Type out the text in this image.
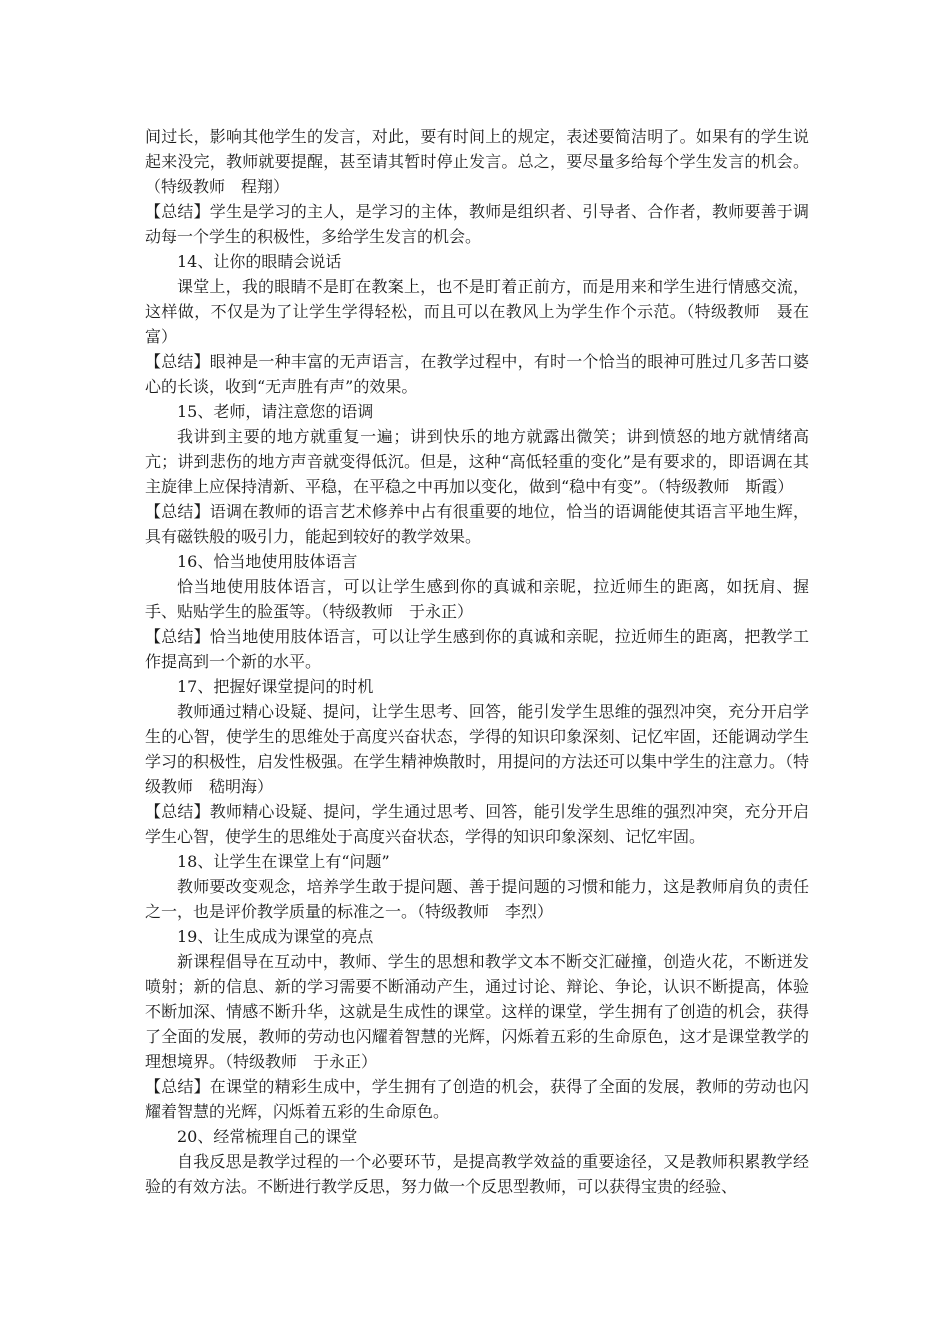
间过长，影响其他学生的发言，对此，要有时间上的规定，表述要简洁明了。如果有的学生说起来没完，教师就要提醒，甚至请其暂时停止发言。总之，要尽量多给每个学生发言的机会。（特级教师　程翔）

【总结】学生是学习的主人，是学习的主体，教师是组织者、引导者、合作者，教师要善于调动每一个学生的积极性，多给学生发言的机会。

14、让你的眼睛会说话

课堂上，我的眼睛不是盯在教案上，也不是盯着正前方，而是用来和学生进行情感交流，这样做，不仅是为了让学生学得轻松，而且可以在教风上为学生作个示范。（特级教师　聂在富）

【总结】眼神是一种丰富的无声语言，在教学过程中，有时一个恰当的眼神可胜过几多苦口婆心的长谈，收到“无声胜有声”的效果。

15、老师，请注意您的语调

我讲到主要的地方就重复一遍；讲到快乐的地方就露出微笑；讲到愤怒的地方就情绪高亢；讲到悲伤的地方声音就变得低沉。但是，这种“高低轻重的变化”是有要求的，即语调在其主旋律上应保持清新、平稳，在平稳之中再加以变化，做到“稳中有变”。（特级教师　斯霞）

【总结】语调在教师的语言艺术修养中占有很重要的地位，恰当的语调能使其语言平地生辉，具有磁铁般的吸引力，能起到较好的教学效果。

16、恰当地使用肢体语言

恰当地使用肢体语言，可以让学生感到你的真诚和亲昵，拉近师生的距离，如抚肩、握手、贴贴学生的脸蛋等。（特级教师　于永正）

【总结】恰当地使用肢体语言，可以让学生感到你的真诚和亲昵，拉近师生的距离，把教学工作提高到一个新的水平。

17、把握好课堂提问的时机

教师通过精心设疑、提问，让学生思考、回答，能引发学生思维的强烈冲突，充分开启学生的心智，使学生的思维处于高度兴奋状态，学得的知识印象深刻、记忆牢固，还能调动学生学习的积极性，启发性极强。在学生精神焕散时，用提问的方法还可以集中学生的注意力。（特级教师　嵇明海）

【总结】教师精心设疑、提问，学生通过思考、回答，能引发学生思维的强烈冲突，充分开启学生心智，使学生的思维处于高度兴奋状态，学得的知识印象深刻、记忆牢固。

18、让学生在课堂上有“问题”

教师要改变观念，培养学生敢于提问题、善于提问题的习惯和能力，这是教师肩负的责任之一，也是评价教学质量的标准之一。（特级教师　李烈）

19、让生成成为课堂的亮点

新课程倡导在互动中，教师、学生的思想和教学文本不断交汇碰撞，创造火花，不断迸发喷射；新的信息、新的学习需要不断涌动产生，通过讨论、辩论、争论，认识不断提高，体验不断加深、情感不断升华，这就是生成性的课堂。这样的课堂，学生拥有了创造的机会，获得了全面的发展，教师的劳动也闪耀着智慧的光辉，闪烁着五彩的生命原色，这才是课堂教学的理想境界。（特级教师　于永正）

【总结】在课堂的精彩生成中，学生拥有了创造的机会，获得了全面的发展，教师的劳动也闪耀着智慧的光辉，闪烁着五彩的生命原色。

20、经常梳理自己的课堂

自我反思是教学过程的一个必要环节，是提高教学效益的重要途径，又是教师积累教学经验的有效方法。不断进行教学反思，努力做一个反思型教师，可以获得宝贵的经验、
